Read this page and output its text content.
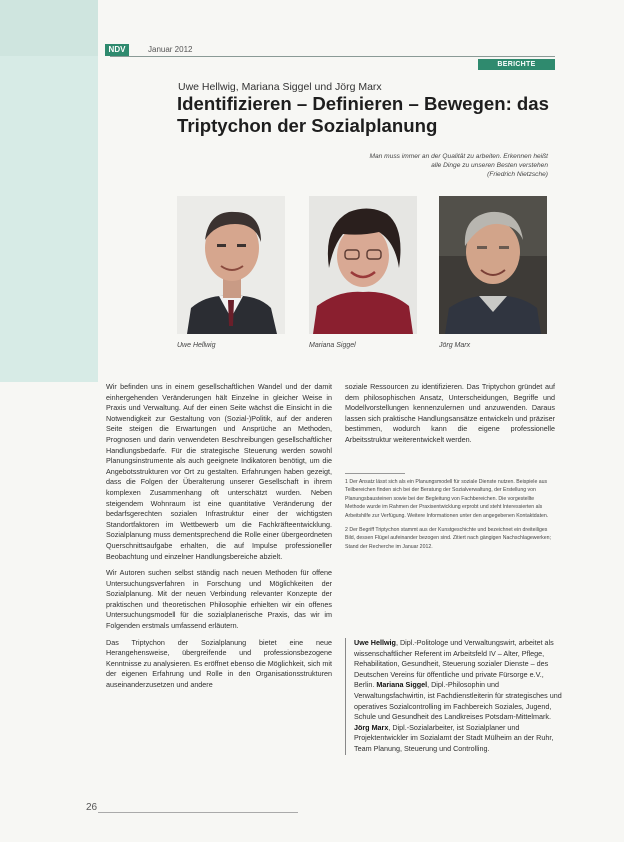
NDV	Januar 2012
BERICHTE
Uwe Hellwig, Mariana Siggel und Jörg Marx
Identifizieren – Definieren – Bewegen: das Triptychon der Sozialplanung
Man muss immer an der Qualität zu arbeiten. Erkennen heißt
alle Dinge zu unseren Besten verstehen
(Friedrich Nietzsche)
Uwe Hellwig	Mariana Siggel	Jörg Marx

Wir befinden uns in einem gesellschaftlichen Wandel und der damit einhergehenden Veränderungen hält Einzelne in gleicher Weise in Praxis und Verwaltung. Auf der einen Seite wächst die Einsicht in die Notwendigkeit zur Gestaltung von (Sozial-)Politik, auf der anderen Seite steigen die Erwartungen und Ansprüche an Methoden, Prognosen und darin verwendeten Beschreibungen gesellschaftlicher Handlungsbedarfe. Für die strategische Steuerung werden sowohl Planungsinstrumente als auch geeignete Indikatoren benötigt, um die Angebotsstrukturen vor Ort zu gestalten. Erfahrungen haben gezeigt, dass die Folgen der Überalterung unserer Gesellschaft in ihrem komplexen Zusammenhang oft unterschätzt wurden. Neben steigendem Wohnraum ist eine quantitative Veränderung der bedarfsgerechten sozialen Infrastruktur einer der wichtigsten Standortfaktoren im Wettbewerb um die Fachkräfteentwicklung. Sozialplanung muss dementsprechend die Rolle einer übergeordneten Querschnittsaufgabe erhalten, die auf Impulse professioneller Beobachtung und einzelner Handlungsbereiche abzielt.

Wir Autoren suchen selbst ständig nach neuen Methoden für offene Untersuchungsverfahren in Forschung und Möglichkeiten der Sozialplanung. Mit der neuen Verbindung relevanter Konzepte der praktischen und theoretischen Philosophie erhielten wir ein offenes Untersuchungsmodell für die sozialplanerische Praxis, das wir im Folgenden erstmals umfassend erläutern.

Das Triptychon der Sozialplanung bietet eine neue Herangehensweise, übergreifende und professionsbezogene Kenntnisse zu analysieren. Es eröffnet ebenso die Möglichkeit, sich mit der eigenen Erfahrung und Rolle in den Organisationsstrukturen auseinanderzusetzen und andere

soziale Ressourcen zu identifizieren. Das Triptychon gründet auf dem philosophischen Ansatz, Unterscheidungen, Begriffe und Modellvorstellungen kennenzulernen und anzuwenden. Daraus lassen sich praktische Handlungsansätze entwickeln und präziser bestimmen, wodurch kann die eigene professionelle Arbeitsstruktur weiterentwickelt werden.

1 Der Ansatz lässt sich als ein Planungsmodell für soziale Dienste nutzen. Beispiele aus Teilbereichen finden sich bei der Beratung der Sozialverwaltung, der Erstellung von Planungsbausteinen sowie bei der Begleitung von Fachbereichen. Die vorgestellte Methode wurde im Rahmen der Praxisentwicklung erprobt und steht Interessierten als Arbeitshilfe zur Verfügung. Weitere Informationen unter den angegebenen Kontaktdaten.

2 Der Begriff Triptychon stammt aus der Kunstgeschichte und bezeichnet ein dreiteiliges Bild, dessen Flügel aufeinander bezogen sind. Zitiert nach gängigen Nachschlagewerken; Stand der Recherche im Januar 2012.

Uwe Hellwig, Dipl.-Politologe und Verwaltungswirt, arbeitet als wissenschaftlicher Referent im Arbeitsfeld IV – Alter, Pflege, Rehabilitation, Gesundheit, Steuerung sozialer Dienste – des Deutschen Vereins für öffentliche und private Fürsorge e.V., Berlin. Mariana Siggel, Dipl.-Philosophin und Verwaltungsfachwirtin, ist Fachdienstleiterin für strategisches und operatives Sozialcontrolling im Fachbereich Soziales, Jugend, Schule und Gesundheit des Landkreises Potsdam-Mittelmark. Jörg Marx, Dipl.-Sozialarbeiter, ist Sozialplaner und Projektentwickler im Sozialamt der Stadt Mülheim an der Ruhr, Team Planung, Steuerung und Controlling.
26
